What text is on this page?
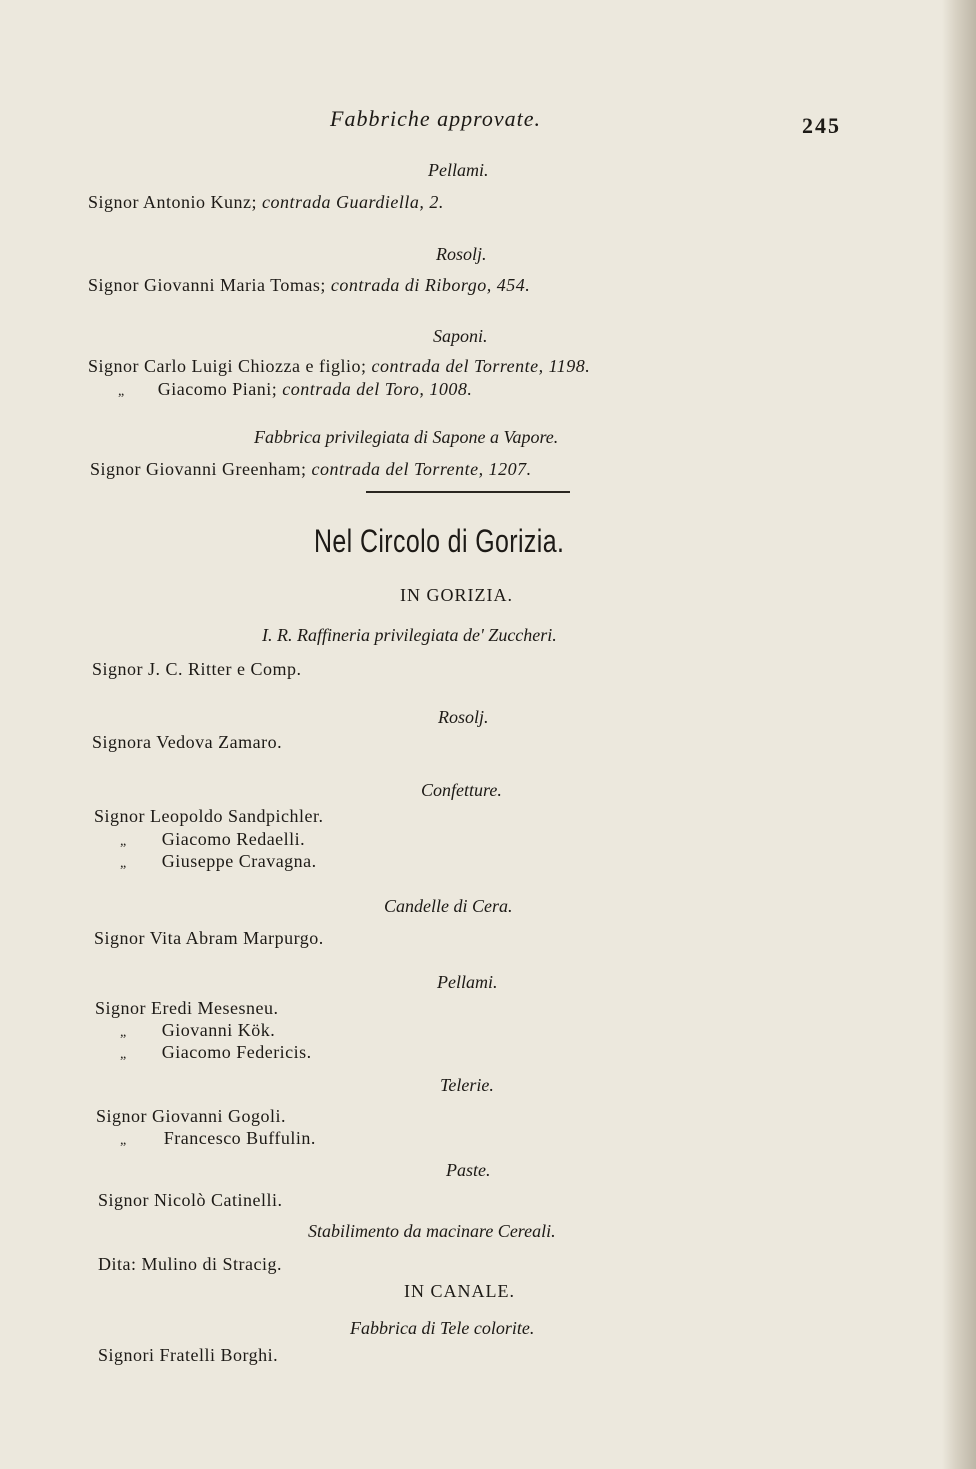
Fabbriche approvate.	245
Pellami.
Signor Antonio Kunz; contrada Guardiella, 2.
Rosolj.
Signor Giovanni Maria Tomas; contrada di Riborgo, 454.
Saponi.
Signor Carlo Luigi Chiozza e figlio; contrada del Torrente, 1198.
„ Giacomo Piani; contrada del Toro, 1008.
Fabbrica privilegiata di Sapone a Vapore.
Signor Giovanni Greenham; contrada del Torrente, 1207.
Nel Circolo di Gorizia.
IN GORIZIA.
I. R. Raffineria privilegiata de' Zuccheri.
Signor J. C. Ritter e Comp.
Rosolj.
Signora Vedova Zamaro.
Confetture.
Signor Leopoldo Sandpichler.
„ Giacomo Redaelli.
„ Giuseppe Cravagna.
Candelle di Cera.
Signor Vita Abram Marpurgo.
Pellami.
Signor Eredi Mesesneu.
„ Giovanni Kök.
„ Giacomo Federicis.
Telerie.
Signor Giovanni Gogoli.
„ Francesco Buffulin.
Paste.
Signor Nicolò Catinelli.
Stabilimento da macinare Cereali.
Dita: Mulino di Stracig.
IN CANALE.
Fabbrica di Tele colorite.
Signori Fratelli Borghi.
